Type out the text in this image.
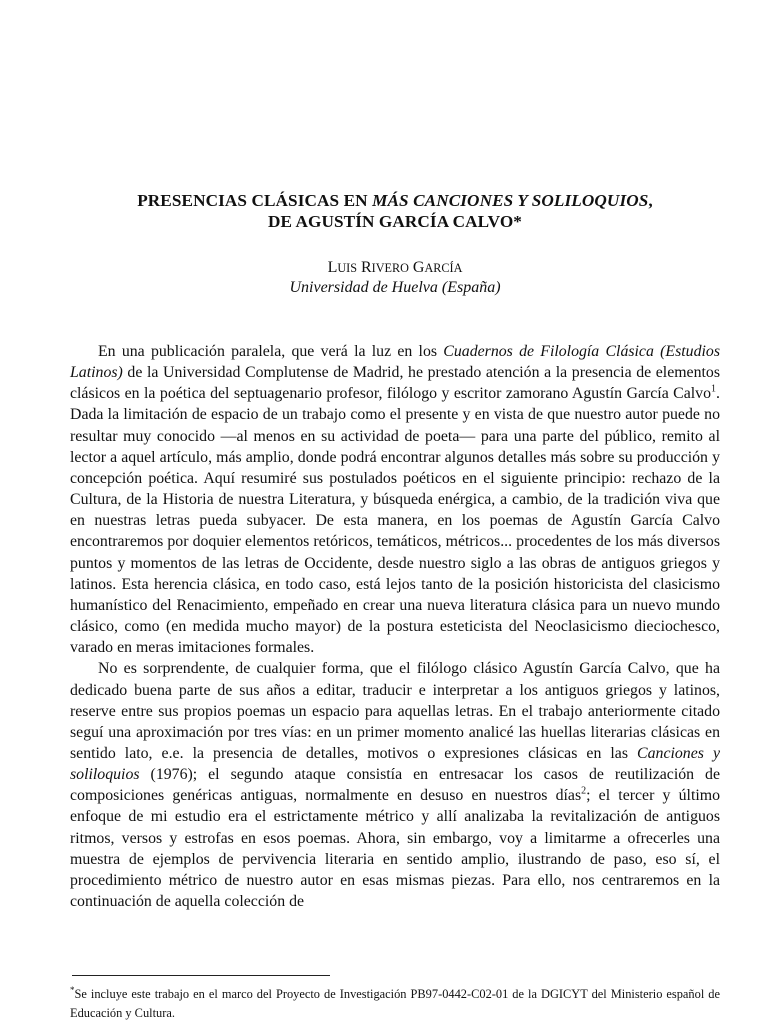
PRESENCIAS CLÁSICAS EN MÁS CANCIONES Y SOLILOQUIOS,
DE AGUSTÍN GARCÍA CALVO*
LUIS RIVERO GARCÍA
Universidad de Huelva (España)

En una publicación paralela, que verá la luz en los Cuadernos de Filología Clásica (Estudios Latinos) de la Universidad Complutense de Madrid, he prestado atención a la presencia de elementos clásicos en la poética del septuagenario profesor, filólogo y escritor zamorano Agustín García Calvo$^1$. Dada la limitación de espacio de un trabajo como el presente y en vista de que nuestro autor puede no resultar muy conocido —al menos en su actividad de poeta— para una parte del público, remito al lector a aquel artículo, más amplio, donde podrá encontrar algunos detalles más sobre su producción y concepción poética. Aquí resumiré sus postulados poéticos en el siguiente principio: rechazo de la Cultura, de la Historia de nuestra Literatura, y búsqueda enérgica, a cambio, de la tradición viva que en nuestras letras pueda subyacer. De esta manera, en los poemas de Agustín García Calvo encontraremos por doquier elementos retóricos, temáticos, métricos... procedentes de los más diversos puntos y momentos de las letras de Occidente, desde nuestro siglo a las obras de antiguos griegos y latinos. Esta herencia clásica, en todo caso, está lejos tanto de la posición historicista del clasicismo humanístico del Renacimiento, empeñado en crear una nueva literatura clásica para un nuevo mundo clásico, como (en medida mucho mayor) de la postura esteticista del Neoclasicismo dieciochesco, varado en meras imitaciones formales.

No es sorprendente, de cualquier forma, que el filólogo clásico Agustín García Calvo, que ha dedicado buena parte de sus años a editar, traducir e interpretar a los antiguos griegos y latinos, reserve entre sus propios poemas un espacio para aquellas letras. En el trabajo anteriormente citado seguí una aproximación por tres vías: en un primer momento analicé las huellas literarias clásicas en sentido lato, e.e. la presencia de detalles, motivos o expresiones clásicas en las Canciones y soliloquios (1976); el segundo ataque consistía en entresacar los casos de reutilización de composiciones genéricas antiguas, normalmente en desuso en nuestros días$^2$; el tercer y último enfoque de mi estudio era el estrictamente métrico y allí analizaba la revitalización de antiguos ritmos, versos y estrofas en esos poemas. Ahora, sin embargo, voy a limitarme a ofrecerles una muestra de ejemplos de pervivencia literaria en sentido amplio, ilustrando de paso, eso sí, el procedimiento métrico de nuestro autor en esas mismas piezas. Para ello, nos centraremos en la continuación de aquella colección de

*Se incluye este trabajo en el marco del Proyecto de Investigación PB97-0442-C02-01 de la DGICYT del Ministerio español de Educación y Cultura.
